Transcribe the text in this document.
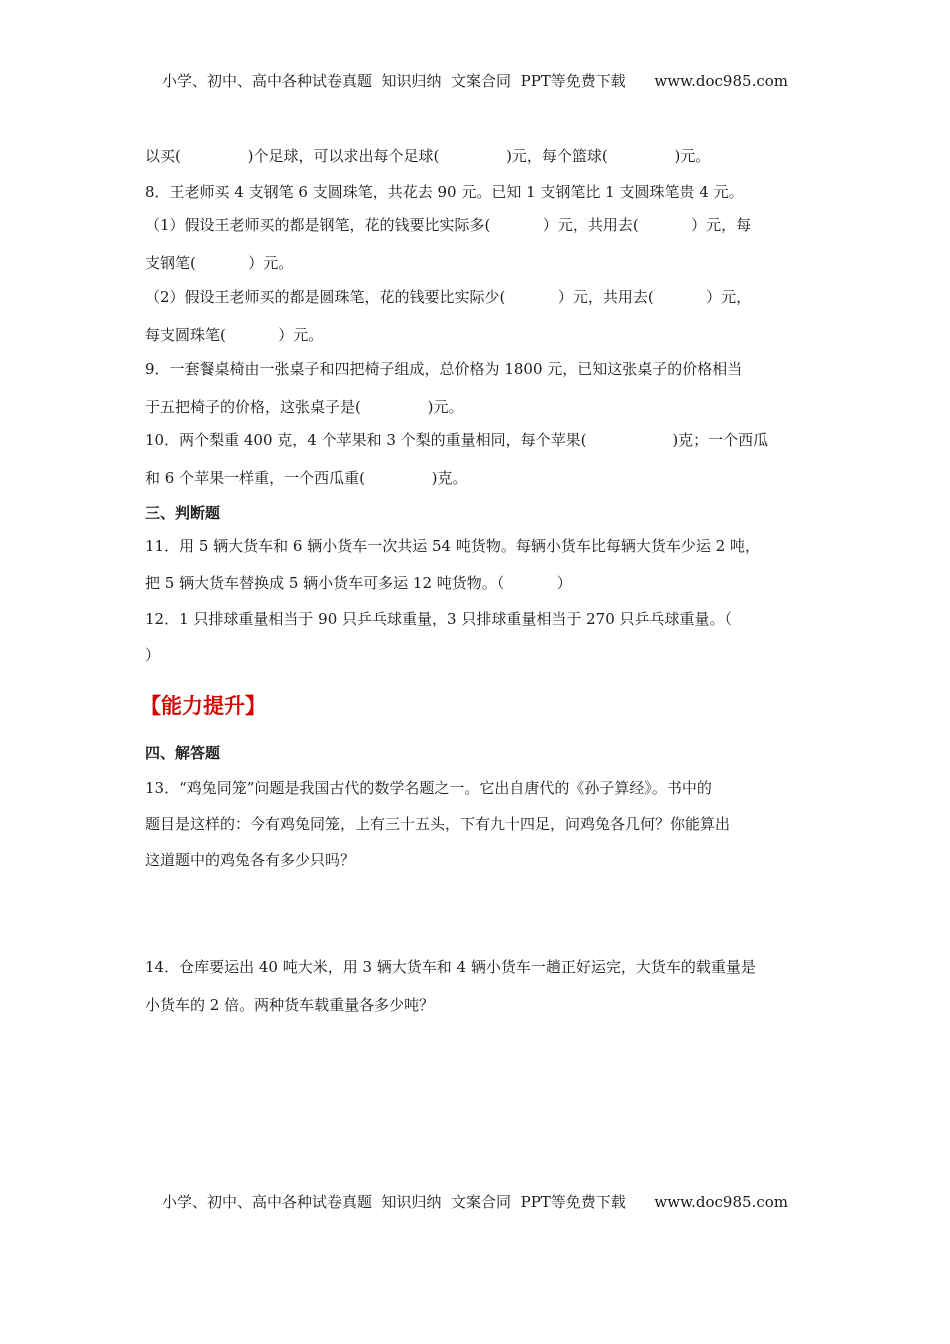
小学、初中、高中各种试卷真题  知识归纳  文案合同  PPT等免费下载      www.doc985.com
以买(              )个足球，可以求出每个足球(              )元，每个篮球(              )元。
8．王老师买 4 支钢笔 6 支圆珠笔，共花去 90 元。已知 1 支钢笔比 1 支圆珠笔贵 4 元。
（1）假设王老师买的都是钢笔，花的钱要比实际多(           ）元，共用去(           ）元，每
支钢笔(           ）元。
（2）假设王老师买的都是圆珠笔，花的钱要比实际少(           ）元，共用去(           ）元，
每支圆珠笔(           ）元。
9．一套餐桌椅由一张桌子和四把椅子组成，总价格为 1800 元，已知这张桌子的价格相当
于五把椅子的价格，这张桌子是(              )元。
10．两个梨重 400 克，4 个苹果和 3 个梨的重量相同，每个苹果(                  )克；一个西瓜
和 6 个苹果一样重，一个西瓜重(              )克。
三、判断题
11．用 5 辆大货车和 6 辆小货车一次共运 54 吨货物。每辆小货车比每辆大货车少运 2 吨，
把 5 辆大货车替换成 5 辆小货车可多运 12 吨货物。（           ）
12．1 只排球重量相当于 90 只乒乓球重量，3 只排球重量相当于 270 只乒乓球重量。（
）
【能力提升】
四、解答题
13．“鸡兔同笼”问题是我国古代的数学名题之一。它出自唐代的《孙子算经》。书中的
题目是这样的：今有鸡兔同笼，上有三十五头，下有九十四足，问鸡兔各几何？你能算出
这道题中的鸡兔各有多少只吗？
14．仓库要运出 40 吨大米，用 3 辆大货车和 4 辆小货车一趟正好运完，大货车的载重量是
小货车的 2 倍。两种货车载重量各多少吨？
小学、初中、高中各种试卷真题  知识归纳  文案合同  PPT等免费下载      www.doc985.com
